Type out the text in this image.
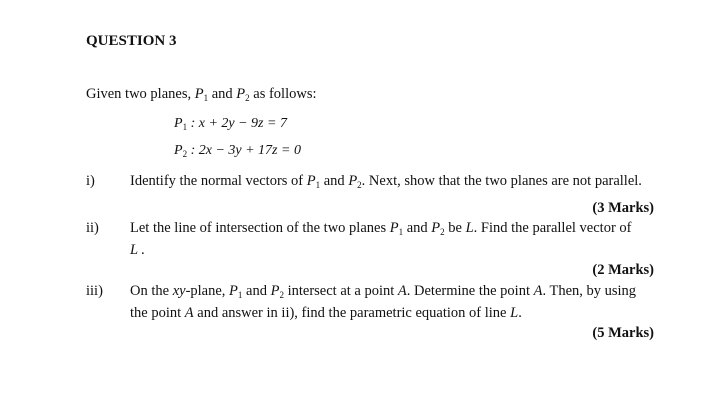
QUESTION 3
Given two planes, $P_1$ and $P_2$ as follows:
$P_1$ : x + 2y − 9z = 7
$P_2$ : 2x − 3y + 17z = 0
i) Identify the normal vectors of $P_1$ and $P_2$. Next, show that the two planes are not parallel.
(3 Marks)
ii) Let the line of intersection of the two planes $P_1$ and $P_2$ be L. Find the parallel vector of
L .
(2 Marks)
iii) On the xy-plane, $P_1$ and $P_2$ intersect at a point A. Determine the point A. Then, by using
the point A and answer in ii), find the parametric equation of line L.
(5 Marks)
